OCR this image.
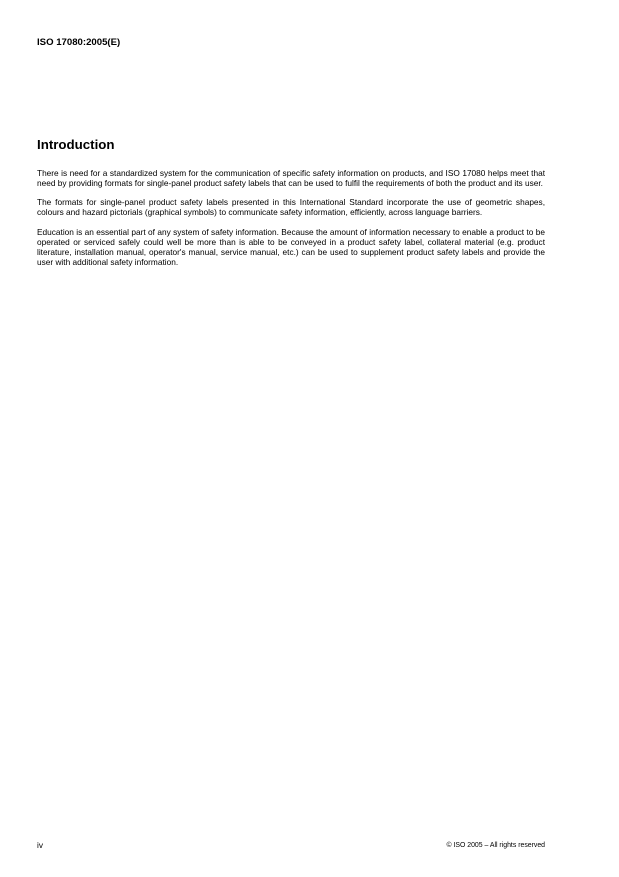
ISO 17080:2005(E)

Introduction

There is need for a standardized system for the communication of specific safety information on products, and ISO 17080 helps meet that need by providing formats for single-panel product safety labels that can be used to fulfil the requirements of both the product and its user.

The formats for single-panel product safety labels presented in this International Standard incorporate the use of geometric shapes, colours and hazard pictorials (graphical symbols) to communicate safety information, efficiently, across language barriers.

Education is an essential part of any system of safety information. Because the amount of information necessary to enable a product to be operated or serviced safely could well be more than is able to be conveyed in a product safety label, collateral material (e.g. product literature, installation manual, operator's manual, service manual, etc.) can be used to supplement product safety labels and provide the user with additional safety information.

iv	© ISO 2005 – All rights reserved
